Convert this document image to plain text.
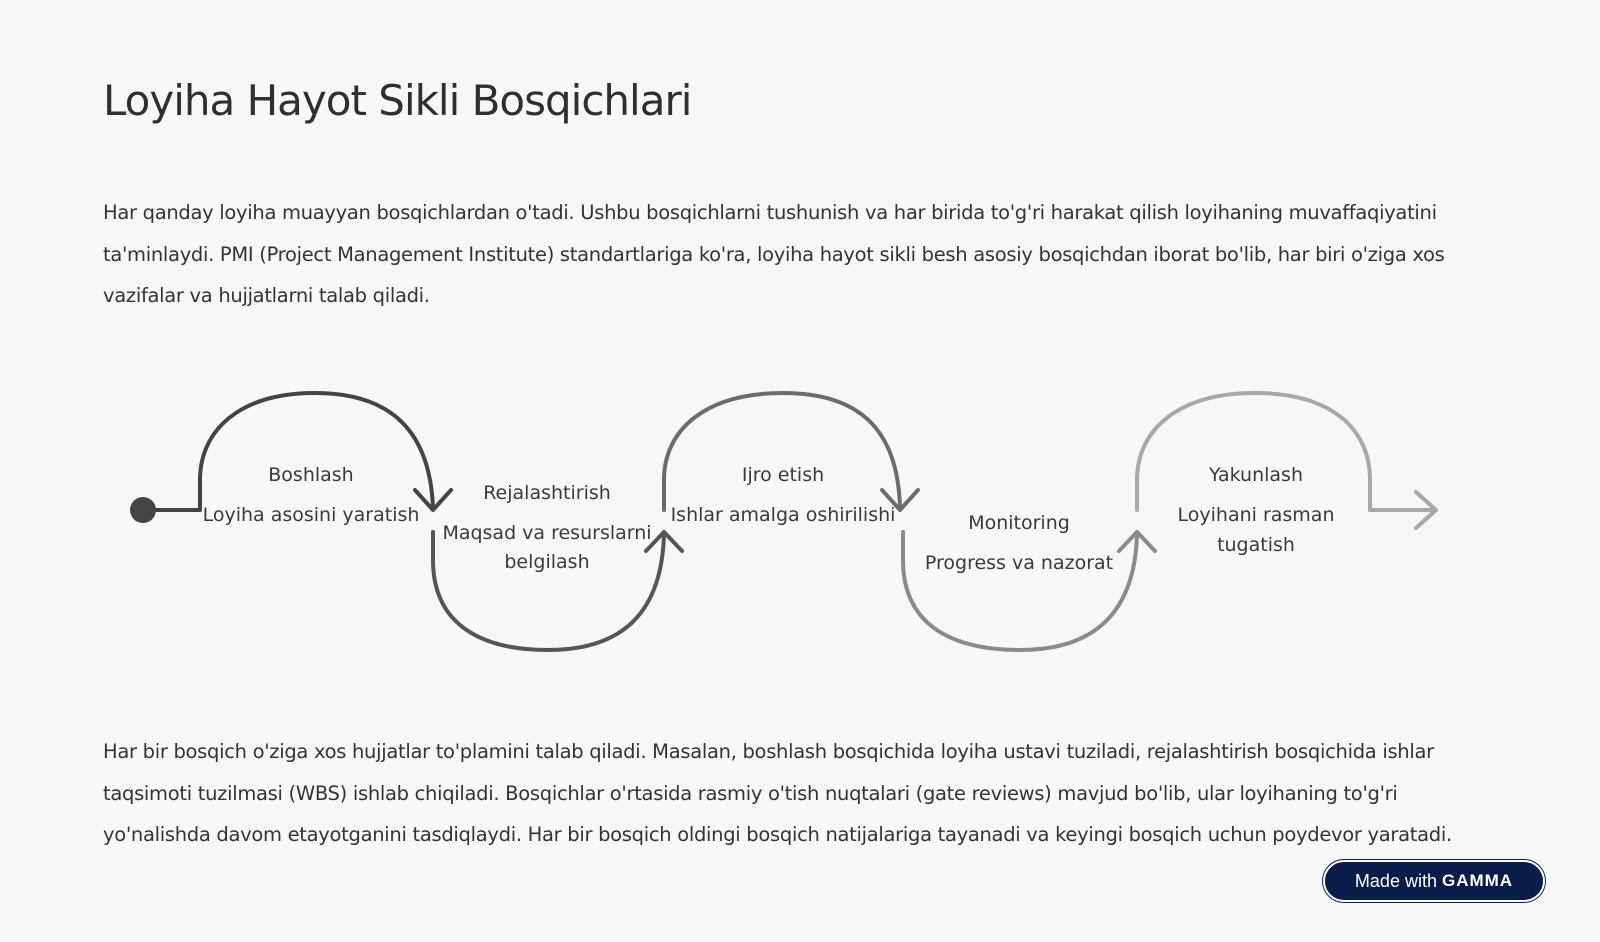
Loyiha Hayot Sikli Bosqichlari

Har qanday loyiha muayyan bosqichlardan o'tadi. Ushbu bosqichlarni tushunish va har birida to'g'ri harakat qilish loyihaning muvaffaqiyatini ta'minlaydi. PMI (Project Management Institute) standartlariga ko'ra, loyiha hayot sikli besh asosiy bosqichdan iborat bo'lib, har biri o'ziga xos vazifalar va hujjatlarni talab qiladi.

Boshlash
Loyiha asosini yaratish
Rejalashtirish
Maqsad va resurslarni
belgilash
Ijro etish
Ishlar amalga oshirilishi	Monitoring
Progress va nazorat
Yakunlash
Loyihani rasman
tugatish

Har bir bosqich o'ziga xos hujjatlar to'plamini talab qiladi. Masalan, boshlash bosqichida loyiha ustavi tuziladi, rejalashtirish bosqichida ishlar taqsimoti tuzilmasi (WBS) ishlab chiqiladi. Bosqichlar o'rtasida rasmiy o'tish nuqtalari (gate reviews) mavjud bo'lib, ular loyihaning to'g'ri yo'nalishda davom etayotganini tasdiqlaydi. Har bir bosqich oldingi bosqich natijalariga tayanadi va keyingi bosqich uchun poydevor yaratadi.

Made with GAMMA
